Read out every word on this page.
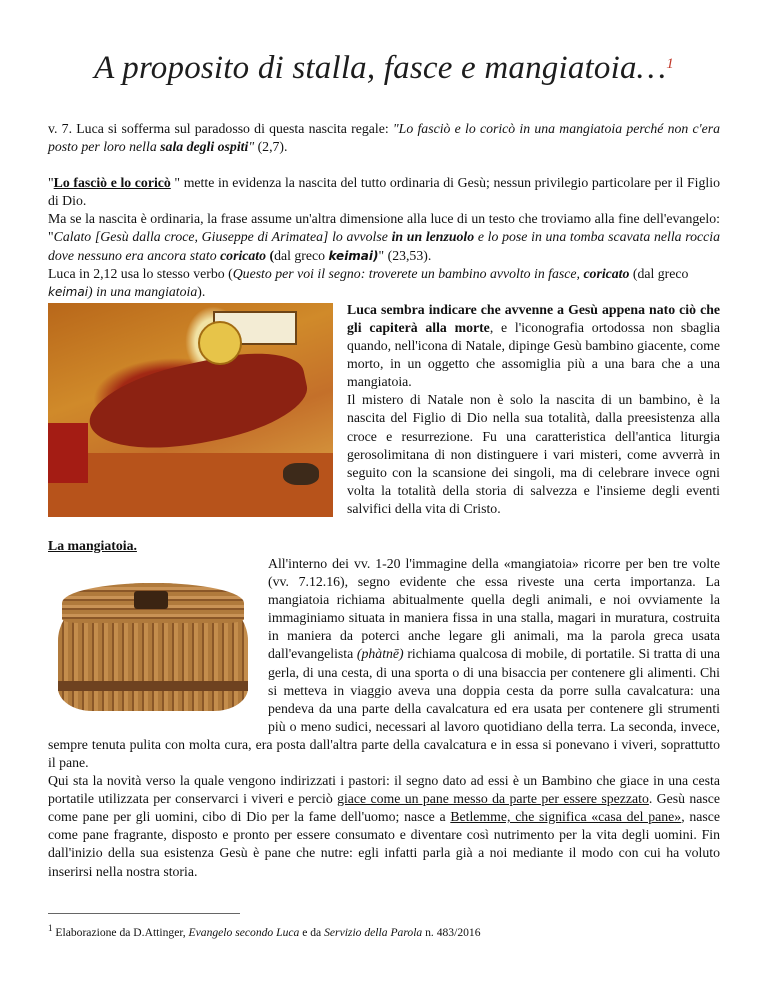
A proposito di stalla, fasce e mangiatoia…$^1$

v. 7. Luca si sofferma sul paradosso di questa nascita regale: "Lo fasciò e lo coricò in una mangiatoia perché non c'era posto per loro nella sala degli ospiti" (2,7).

"Lo fasciò e lo coricò " mette in evidenza la nascita del tutto ordinaria di Gesù; nessun privilegio particolare per il Figlio di Dio.

Ma se la nascita è ordinaria, la frase assume un'altra dimensione alla luce di un testo che troviamo alla fine dell'evangelo: "Calato [Gesù dalla croce, Giuseppe di Arimatea] lo avvolse in un lenzuolo e lo pose in una tomba scavata nella roccia dove nessuno era ancora stato coricato (dal greco keimai)" (23,53).

Luca in 2,12 usa lo stesso verbo (Questo per voi il segno: troverete un bambino avvolto in fasce, coricato (dal greco keimai) in una mangiatoia).

Luca sembra indicare che avvenne a Gesù appena nato ciò che gli capiterà alla morte, e l'iconografia ortodossa non sbaglia quando, nell'icona di Natale, dipinge Gesù bambino giacente, come morto, in un oggetto che assomiglia più a una bara che a una mangiatoia.

Il mistero di Natale non è solo la nascita di un bambino, è la nascita del Figlio di Dio nella sua totalità, dalla preesistenza alla croce e resurrezione. Fu una caratteristica dell'antica liturgia gerosolimitana di non distinguere i vari misteri, come avverrà in seguito con la scansione dei singoli, ma di celebrare invece ogni volta la totalità della storia di salvezza e l'insieme degli eventi salvifici della vita di Cristo.

La mangiatoia.

All'interno dei vv. 1-20 l'immagine della «mangiatoia» ricorre per ben tre volte (vv. 7.12.16), segno evidente che essa riveste una certa importanza. La mangiatoia richiama abitualmente quella degli animali, e noi ovviamente la immaginiamo situata in maniera fissa in una stalla, magari in muratura, costruita in maniera da poterci anche legare gli animali, ma la parola greca usata dall'evangelista (phàtnē) richiama qualcosa di mobile, di portatile. Si tratta di una gerla, di una cesta, di una sporta o di una bisaccia per contenere gli alimenti. Chi si metteva in viaggio aveva una doppia cesta da porre sulla cavalcatura: una pendeva da una parte della cavalcatura ed era usata per contenere gli strumenti più o meno sudici, necessari al lavoro quotidiano della terra. La seconda, invece, sempre tenuta pulita con molta cura, era posta dall'altra parte della cavalcatura e in essa si ponevano i viveri, soprattutto il pane.

Qui sta la novità verso la quale vengono indirizzati i pastori: il segno dato ad essi è un Bambino che giace in una cesta portatile utilizzata per conservarci i viveri e perciò giace come un pane messo da parte per essere spezzato. Gesù nasce come pane per gli uomini, cibo di Dio per la fame dell'uomo; nasce a Betlemme, che significa «casa del pane», nasce come pane fragrante, disposto e pronto per essere consumato e diventare così nutrimento per la vita degli uomini. Fin dall'inizio della sua esistenza Gesù è pane che nutre: egli infatti parla già a noi mediante il modo con cui ha voluto inserirsi nella nostra storia.

$^1$ Elaborazione da D.Attinger, Evangelo secondo Luca e da Servizio della Parola n. 483/2016
